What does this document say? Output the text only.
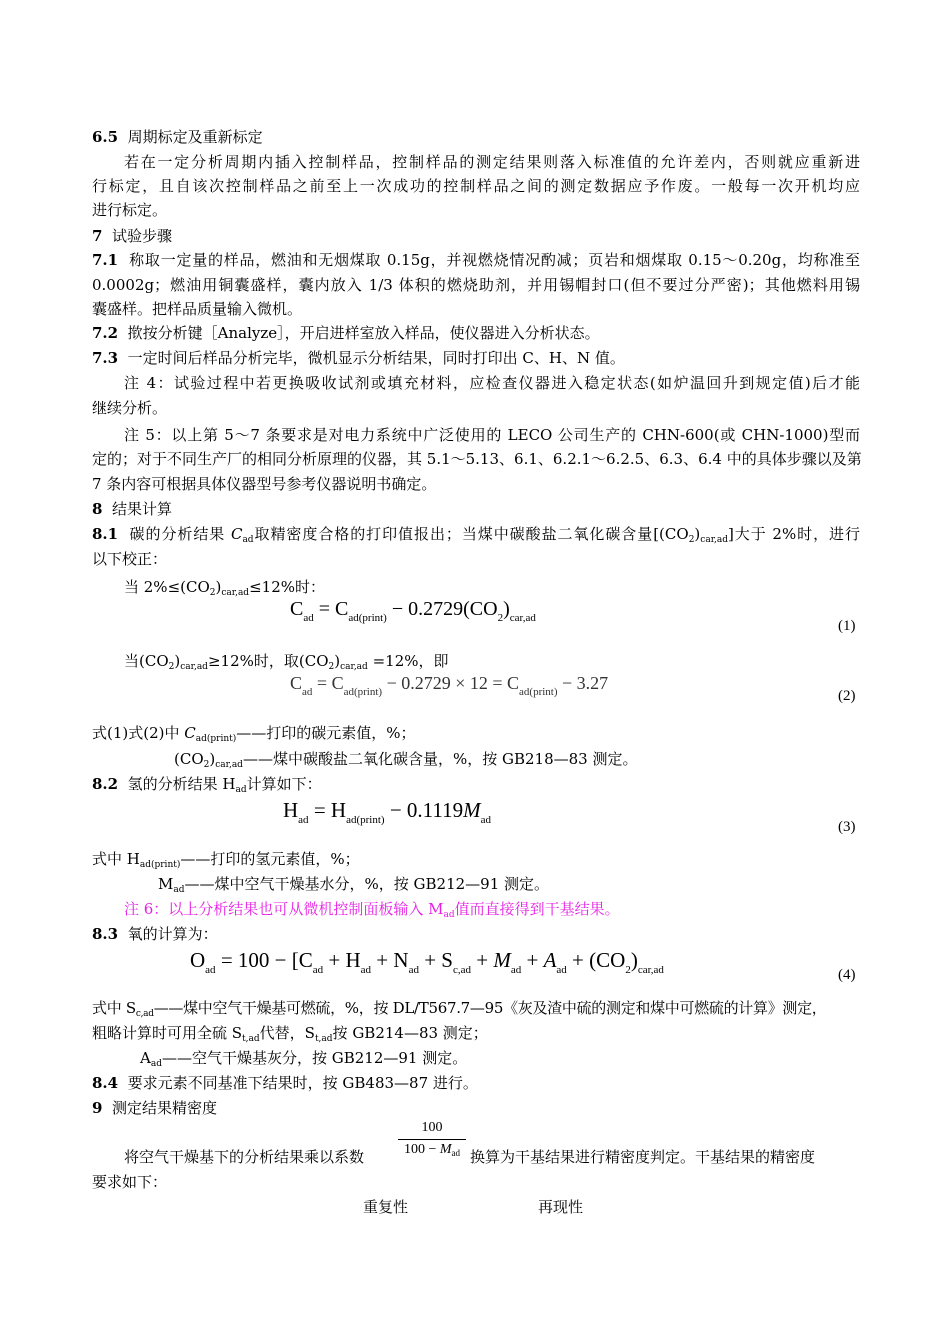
6.5 周期标定及重新标定
若在一定分析周期内插入控制样品，控制样品的测定结果则落入标准值的允许差内，否则就应重新进
行标定，且自该次控制样品之前至上一次成功的控制样品之间的测定数据应予作废。一般每一次开机均应
进行标定。
7 试验步骤
7.1 称取一定量的样品，燃油和无烟煤取 0.15g，并视燃烧情况酌减；页岩和烟煤取 0.15～0.20g，均称准至
0.0002g；燃油用铜囊盛样，囊内放入 1/3 体积的燃烧助剂，并用锡帽封口(但不要过分严密)；其他燃料用锡
囊盛样。把样品质量输入微机。
7.2 揿按分析键［Analyze］，开启进样室放入样品，使仪器进入分析状态。
7.3 一定时间后样品分析完毕，微机显示分析结果，同时打印出 C、H、N 值。
注 4：试验过程中若更换吸收试剂或填充材料，应检查仪器进入稳定状态(如炉温回升到规定值)后才能
继续分析。
注 5：以上第 5～7 条要求是对电力系统中广泛使用的 LECO 公司生产的 CHN-600(或 CHN-1000)型而
定的；对于不同生产厂的相同分析原理的仪器，其 5.1～5.13、6.1、6.2.1～6.2.5、6.3、6.4 中的具体步骤以及第
7 条内容可根据具体仪器型号参考仪器说明书确定。
8 结果计算
8.1 碳的分析结果 $C_{ad}$取精密度合格的打印值报出；当煤中碳酸盐二氧化碳含量$[(CO_2)_{car,ad}]$大于 2%时，进行
以下校正：
当 $2\%\le(CO_2)_{car,ad}\le 12\%$时：
$C_{ad} = C_{ad(print)} - 0.2729(CO_2)_{car,ad}$	(1)
当$(CO_2)_{car,ad}\ge 12\%$时，取$(CO_2)_{car,ad} =12\%$，即
$C_{ad} = C_{ad(print)} - 0.2729 \times 12 = C_{ad(print)} - 3.27$
(2)
式(1)式(2)中 $C_{ad(print)}——$打印的碳元素值，%；
$(CO_2)_{car,ad}——$煤中碳酸盐二氧化碳含量，%，按 GB218—83 测定。
8.2 氢的分析结果 $H_{ad}$计算如下：
$H_{ad} = H_{ad(print)} - 0.1119M_{ad}$	(3)
式中 $H_{ad(print)}——$打印的氢元素值，%；
$M_{ad}——$煤中空气干燥基水分，%，按 GB212—91 测定。
注 6：以上分析结果也可从微机控制面板输入 $M_{ad}$值而直接得到干基结果。
8.3 氧的计算为：
$O_{ad} = 100 - [C_{ad} + H_{ad} + N_{ad} + S_{c,ad} + M_{ad} + A_{ad} + (CO_2)_{car,ad}$	(4)
式中 $S_{c,ad}——$煤中空气干燥基可燃硫，%，按 DL/T567.7—95《灰及渣中硫的测定和煤中可燃硫的计算》测定，
粗略计算时可用全硫 $S_{t,ad}$代替，$S_{t,ad}$按 GB214—83 测定；
$A_{ad}——$空气干燥基灰分，按 GB212—91 测定。
8.4 要求元素不同基准下结果时，按 GB483—87 进行。
9 测定结果精密度
100
$100 - M_{ad}$
将空气干燥基下的分析结果乘以系数	换算为干基结果进行精密度判定。干基结果的精密度
要求如下：
重复性	再现性
